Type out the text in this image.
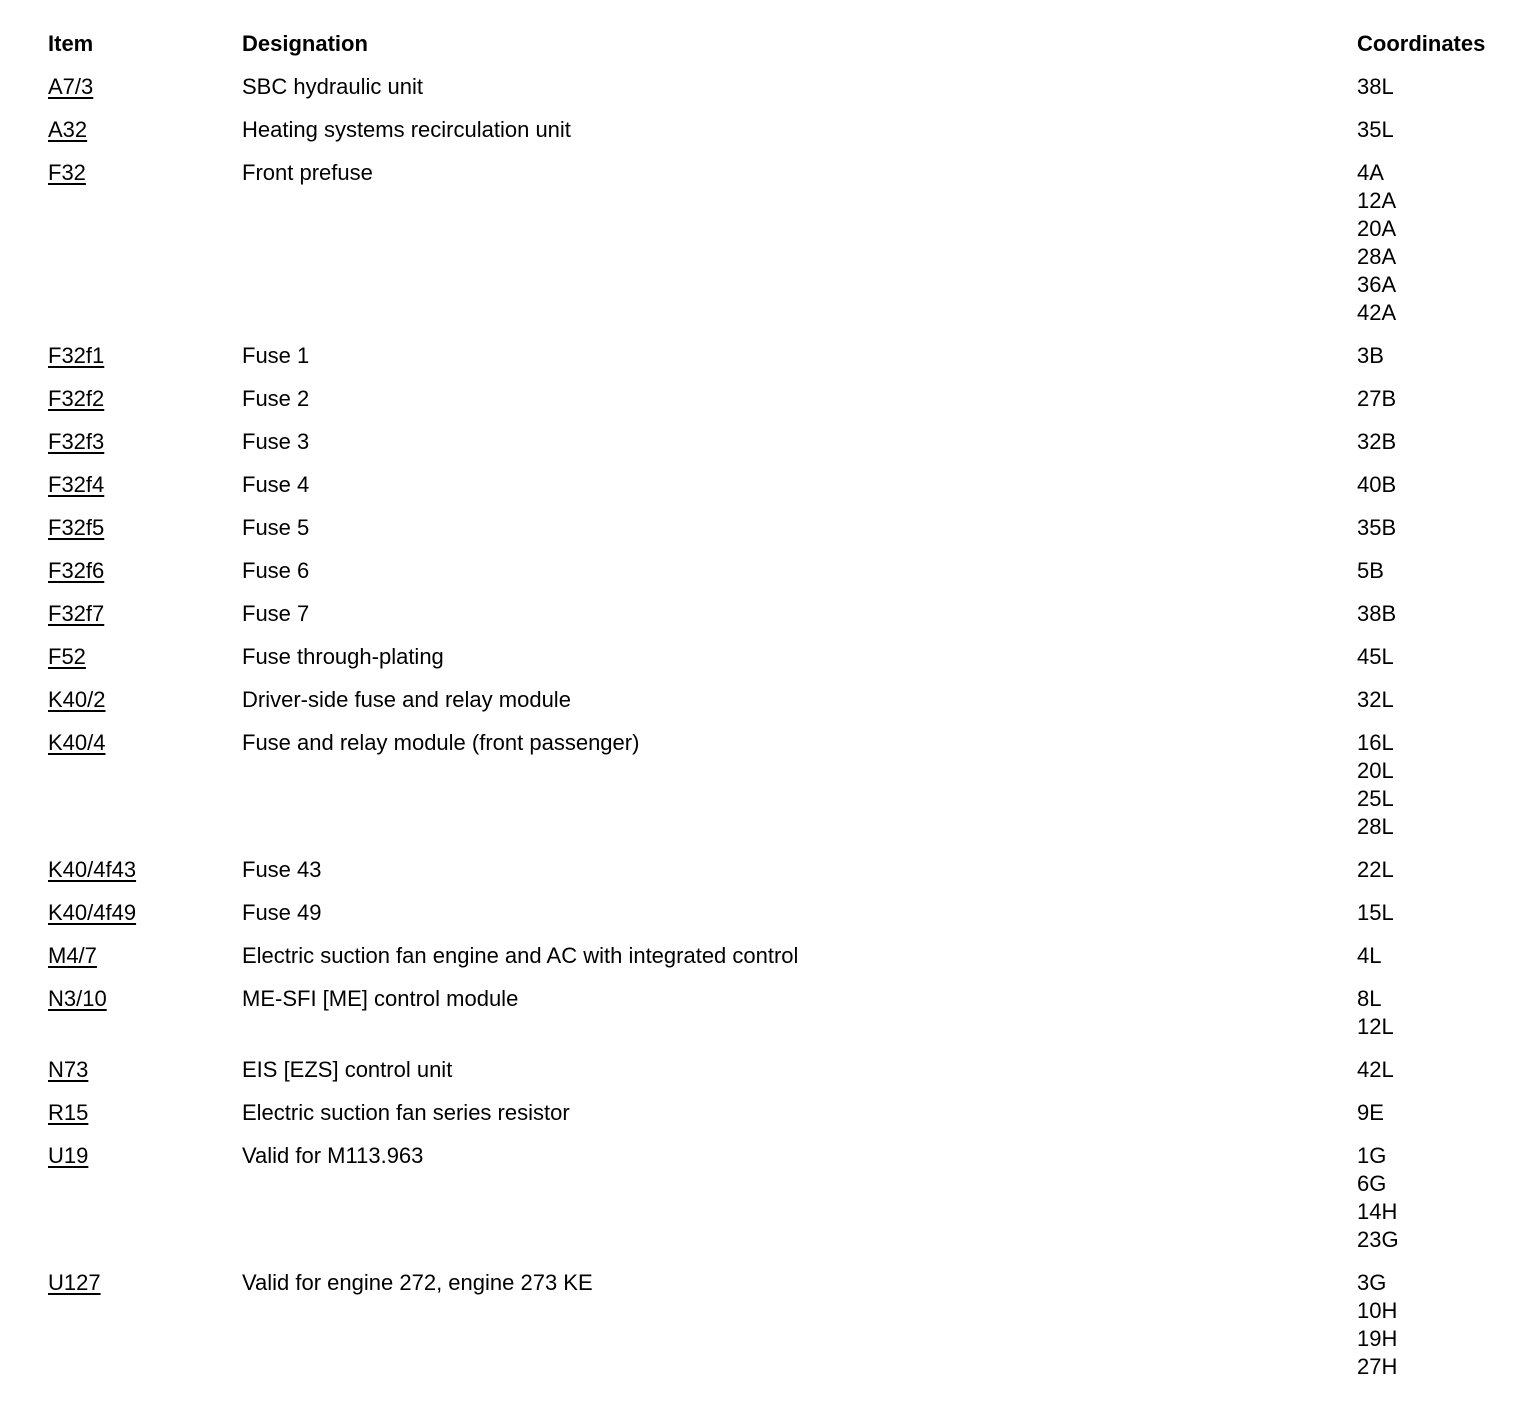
Item	Designation	Coordinates
A7/3	SBC hydraulic unit	38L
A32	Heating systems recirculation unit	35L
F32	Front prefuse	4A
12A
20A
28A
36A
42A
F32f1	Fuse 1	3B
F32f2	Fuse 2	27B
F32f3	Fuse 3	32B
F32f4	Fuse 4	40B
F32f5	Fuse 5	35B
F32f6	Fuse 6	5B
F32f7	Fuse 7	38B
F52	Fuse through-plating	45L
K40/2	Driver-side fuse and relay module	32L
K40/4	Fuse and relay module (front passenger)	16L
20L
25L
28L
K40/4f43	Fuse 43	22L
K40/4f49	Fuse 49	15L
M4/7	Electric suction fan engine and AC with integrated control	4L
N3/10	ME-SFI [ME] control module	8L
12L
N73	EIS [EZS] control unit	42L
R15	Electric suction fan series resistor	9E
U19	Valid for M113.963	1G
6G
14H
23G
U127	Valid for engine 272, engine 273 KE	3G
10H
19H
27H
